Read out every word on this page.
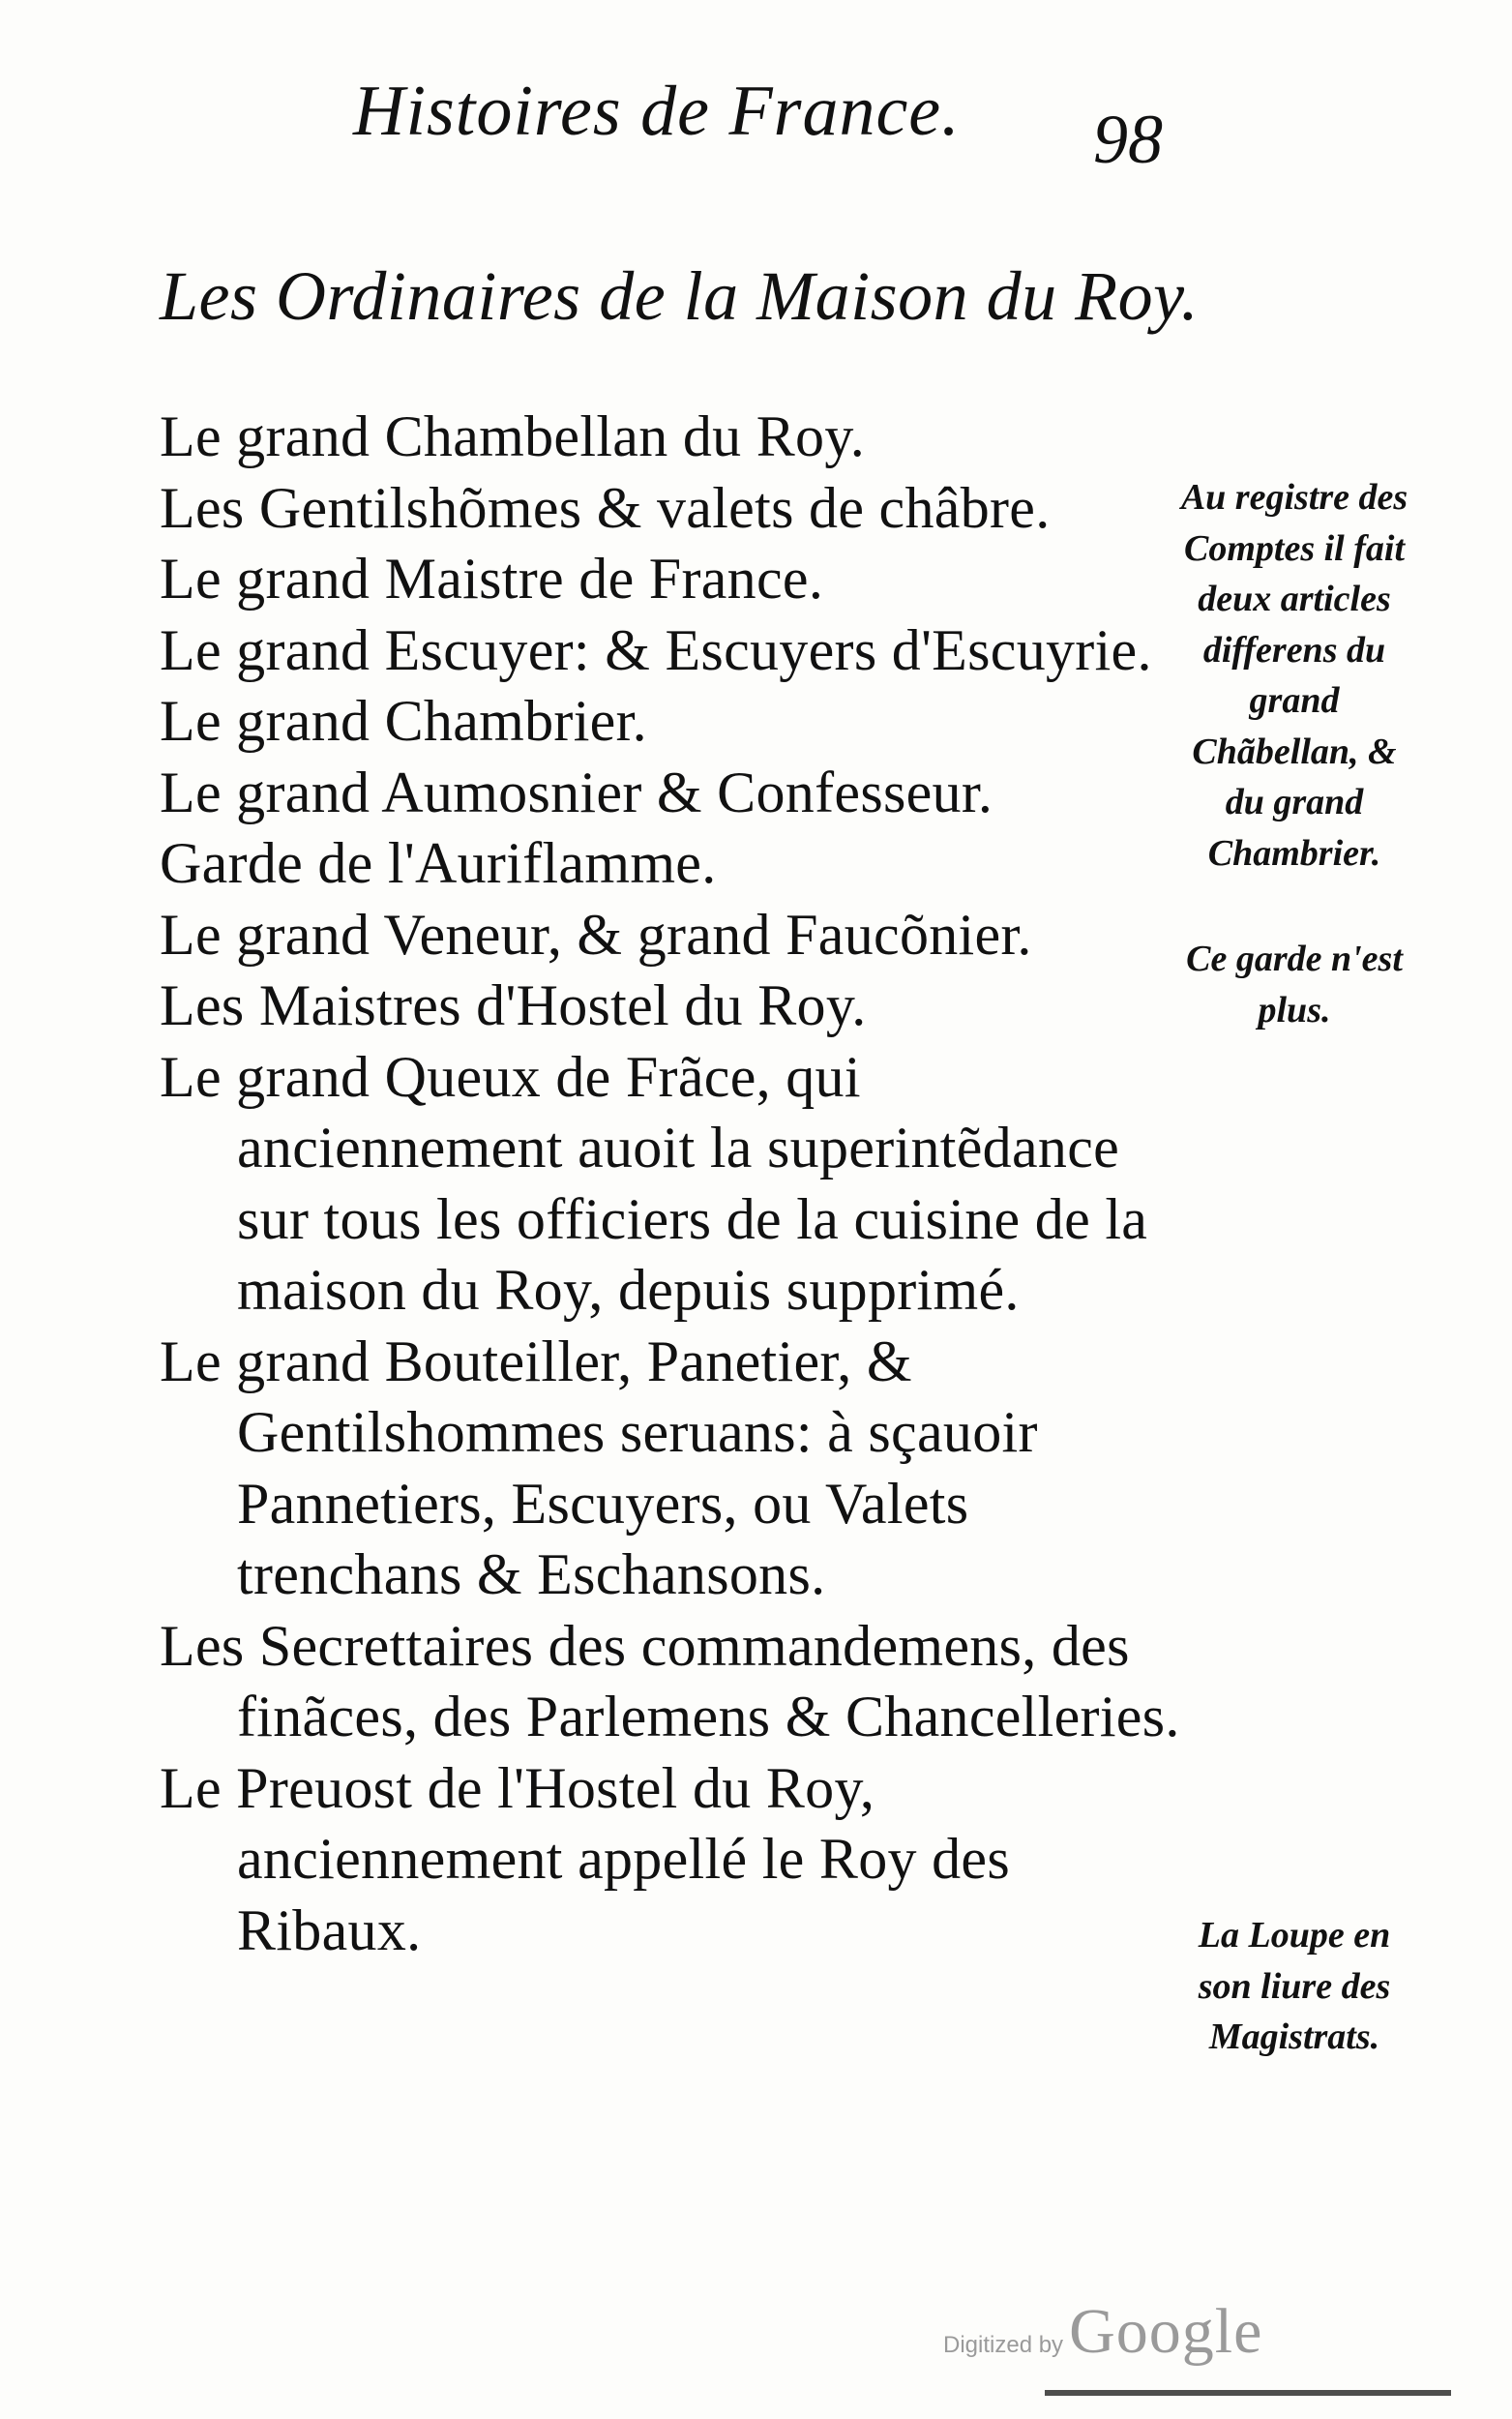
Histoires de France. 98
Les Ordinaires de la Maison du Roy.

Le grand Chambellan du Roy.

Les Gentilshõmes & valets de châbre.

Le grand Maistre de France.

Le grand Escuyer: & Escuyers d'Escuyrie.

Le grand Chambrier.

Le grand Aumosnier & Confesseur.

Garde de l'Auriflamme.

Le grand Veneur, & grand Faucõnier.

Les Maistres d'Hostel du Roy.

Le grand Queux de Frãce, qui anciennement auoit la superintẽdance sur tous les officiers de la cuisine de la maison du Roy, depuis supprimé.

Le grand Bouteiller, Panetier, & Gentilshommes seruans: à sçauoir Pannetiers, Escuyers, ou Valets trenchans & Eschansons.

Les Secrettaires des commandemens, des finãces, des Parlemens & Chancelleries.

Le Preuost de l'Hostel du Roy, anciennement appellé le Roy des Ribaux.

Au registre des Comptes il fait deux articles differens du grand Chãbellan, & du grand Chambrier.
Ce garde n'est plus.
La Loupe en son liure des Magistrats.
Digitized by Google
